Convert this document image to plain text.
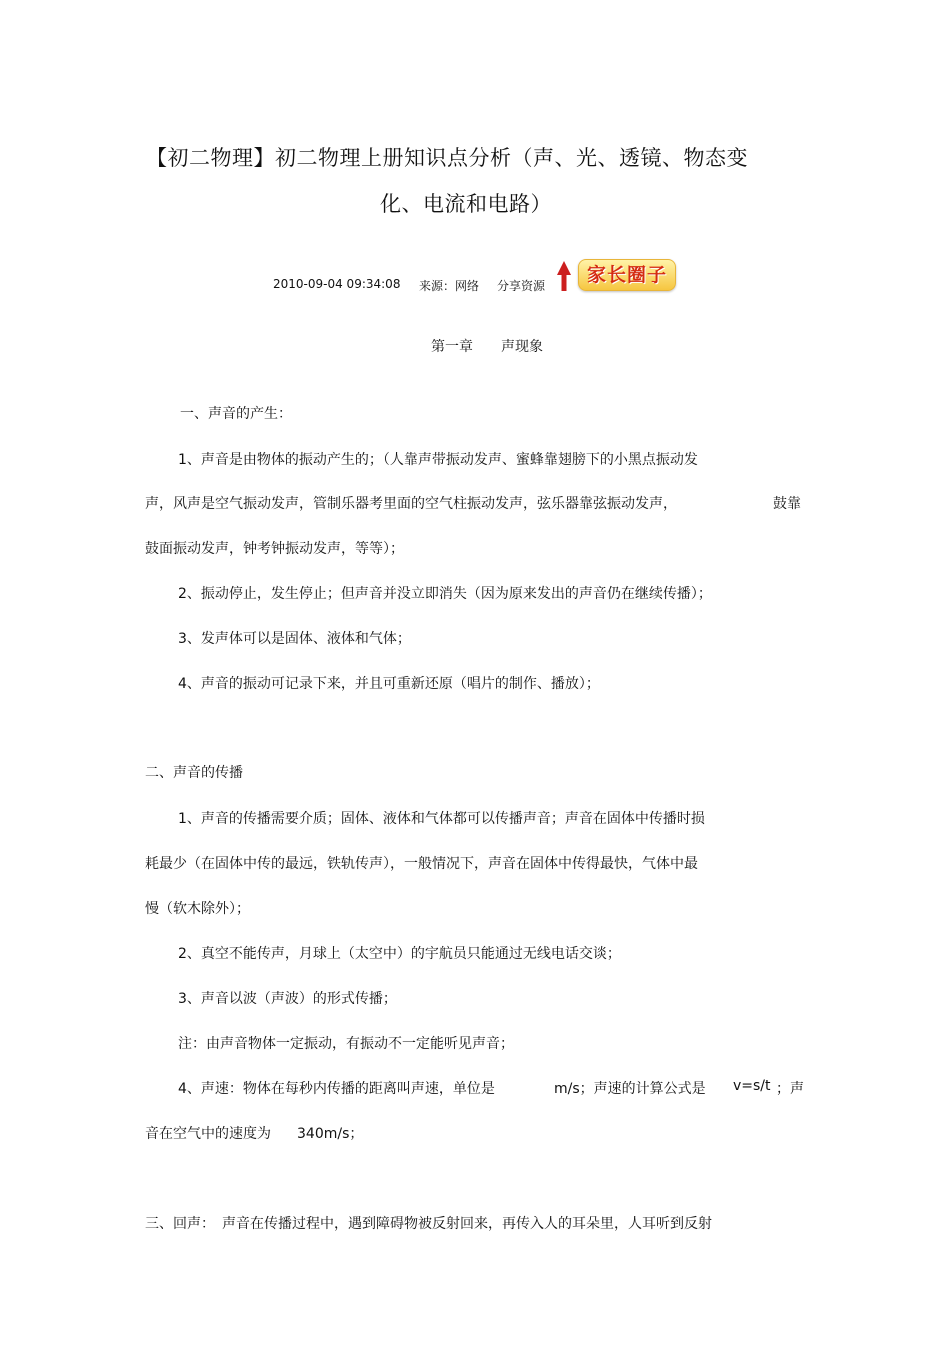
【初二物理】初二物理上册知识点分析（声、光、透镜、物态变
化、电流和电路）
2010-09-04 09:34:08 来源：网络 分享资源	家长圈子
第一章　　声现象
一、声音的产生：
1、声音是由物体的振动产生的；（人靠声带振动发声、蜜蜂靠翅膀下的小黑点振动发
声，风声是空气振动发声，管制乐器考里面的空气柱振动发声，弦乐器靠弦振动发声，	鼓靠
鼓面振动发声，钟考钟振动发声，等等）；
2、振动停止，发生停止；但声音并没立即消失（因为原来发出的声音仍在继续传播）；
3、发声体可以是固体、液体和气体；
4、声音的振动可记录下来，并且可重新还原（唱片的制作、播放）；
二、声音的传播
1、声音的传播需要介质；固体、液体和气体都可以传播声音；声音在固体中传播时损
耗最少（在固体中传的最远，铁轨传声），一般情况下，声音在固体中传得最快，气体中最
慢（软木除外）；
2、真空不能传声，月球上（太空中）的宇航员只能通过无线电话交谈；
3、声音以波（声波）的形式传播；
注：由声音物体一定振动，有振动不一定能听见声音；
4、声速：物体在每秒内传播的距离叫声速，单位是	m/s；声速的计算公式是 v=s/t ；声
音在空气中的速度为 340m/s；
三、回声：　声音在传播过程中，遇到障碍物被反射回来，再传入人的耳朵里，人耳听到反射
